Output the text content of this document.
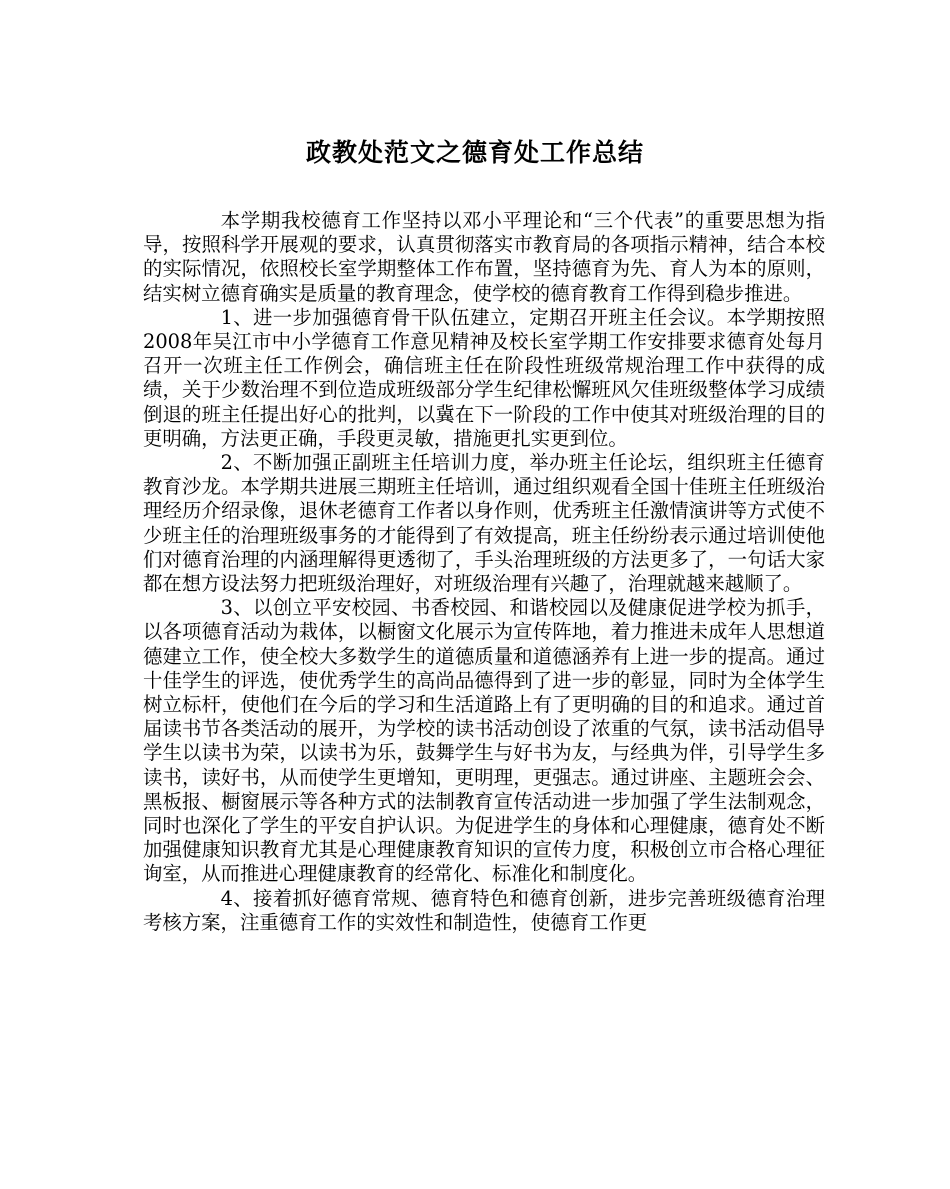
政教处范文之德育处工作总结

本学期我校德育工作坚持以邓小平理论和“三个代表”的重要思想为指导，按照科学开展观的要求，认真贯彻落实市教育局的各项指示精神，结合本校的实际情况，依照校长室学期整体工作布置，坚持德育为先、育人为本的原则，结实树立德育确实是质量的教育理念，使学校的德育教育工作得到稳步推进。

1、进一步加强德育骨干队伍建立，定期召开班主任会议。本学期按照2008年吴江市中小学德育工作意见精神及校长室学期工作安排要求德育处每月召开一次班主任工作例会，确信班主任在阶段性班级常规治理工作中获得的成绩，关于少数治理不到位造成班级部分学生纪律松懈班风欠佳班级整体学习成绩倒退的班主任提出好心的批判，以冀在下一阶段的工作中使其对班级治理的目的更明确，方法更正确，手段更灵敏，措施更扎实更到位。

2、不断加强正副班主任培训力度，举办班主任论坛，组织班主任德育教育沙龙。本学期共进展三期班主任培训，通过组织观看全国十佳班主任班级治理经历介绍录像，退休老德育工作者以身作则，优秀班主任激情演讲等方式使不少班主任的治理班级事务的才能得到了有效提高，班主任纷纷表示通过培训使他们对德育治理的内涵理解得更透彻了，手头治理班级的方法更多了，一句话大家都在想方设法努力把班级治理好，对班级治理有兴趣了，治理就越来越顺了。

3、以创立平安校园、书香校园、和谐校园以及健康促进学校为抓手，以各项德育活动为栽体，以橱窗文化展示为宣传阵地，着力推进未成年人思想道德建立工作，使全校大多数学生的道德质量和道德涵养有上进一步的提高。通过十佳学生的评选，使优秀学生的高尚品德得到了进一步的彰显，同时为全体学生树立标杆，使他们在今后的学习和生活道路上有了更明确的目的和追求。通过首届读书节各类活动的展开，为学校的读书活动创设了浓重的气氛，读书活动倡导学生以读书为荣，以读书为乐，鼓舞学生与好书为友，与经典为伴，引导学生多读书，读好书，从而使学生更增知，更明理，更强志。通过讲座、主题班会会、黑板报、橱窗展示等各种方式的法制教育宣传活动进一步加强了学生法制观念，同时也深化了学生的平安自护认识。为促进学生的身体和心理健康，德育处不断加强健康知识教育尤其是心理健康教育知识的宣传力度，积极创立市合格心理征询室，从而推进心理健康教育的经常化、标准化和制度化。

4、接着抓好德育常规、德育特色和德育创新，进步完善班级德育治理考核方案，注重德育工作的实效性和制造性，使德育工作更
